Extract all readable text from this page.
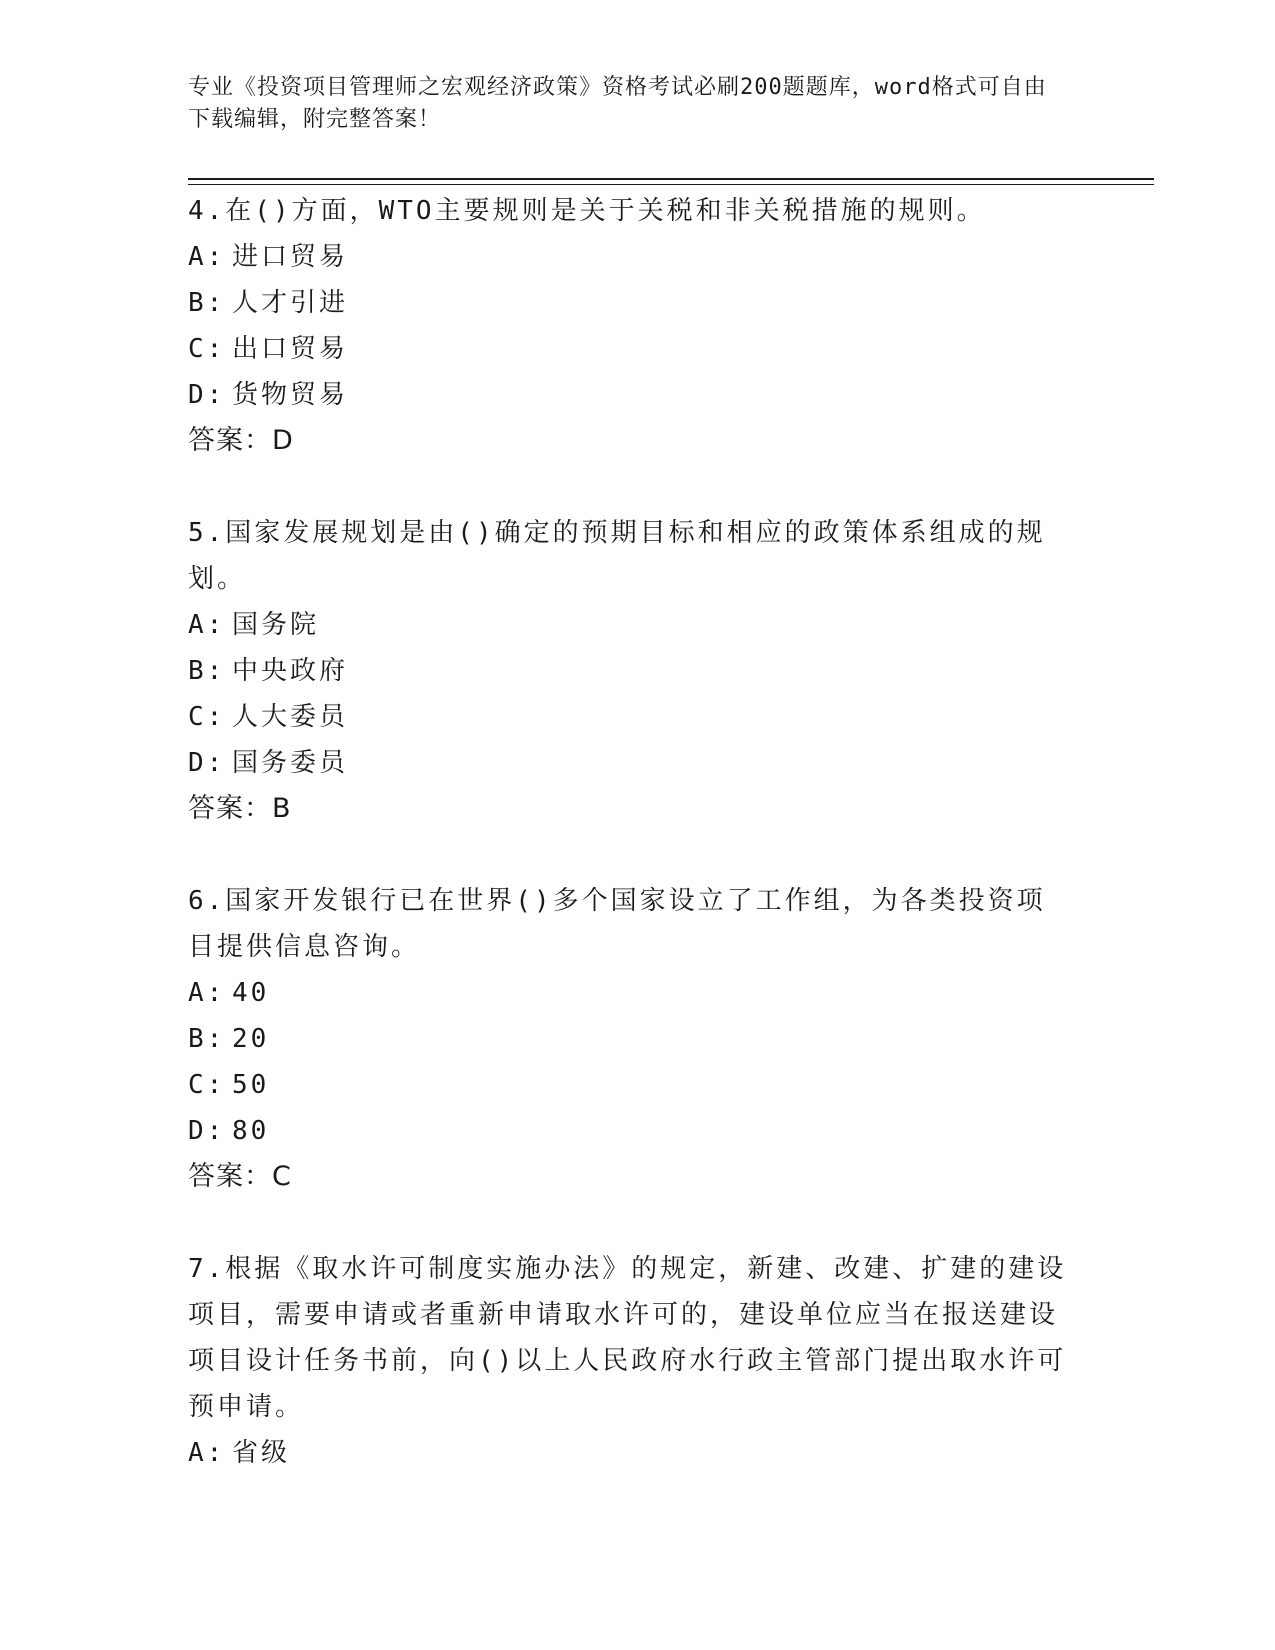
专业《投资项目管理师之宏观经济政策》资格考试必刷200题题库，word格式可自由下载编辑，附完整答案！
4.在()方面，WTO主要规则是关于关税和非关税措施的规则。
A: 进口贸易
B: 人才引进
C: 出口贸易
D: 货物贸易
答案：D
5.国家发展规划是由()确定的预期目标和相应的政策体系组成的规划。
A: 国务院
B: 中央政府
C: 人大委员
D: 国务委员
答案：B
6.国家开发银行已在世界()多个国家设立了工作组，为各类投资项目提供信息咨询。
A: 40
B: 20
C: 50
D: 80
答案：C
7.根据《取水许可制度实施办法》的规定，新建、改建、扩建的建设项目，需要申请或者重新申请取水许可的，建设单位应当在报送建设项目设计任务书前，向()以上人民政府水行政主管部门提出取水许可预申请。
A: 省级
